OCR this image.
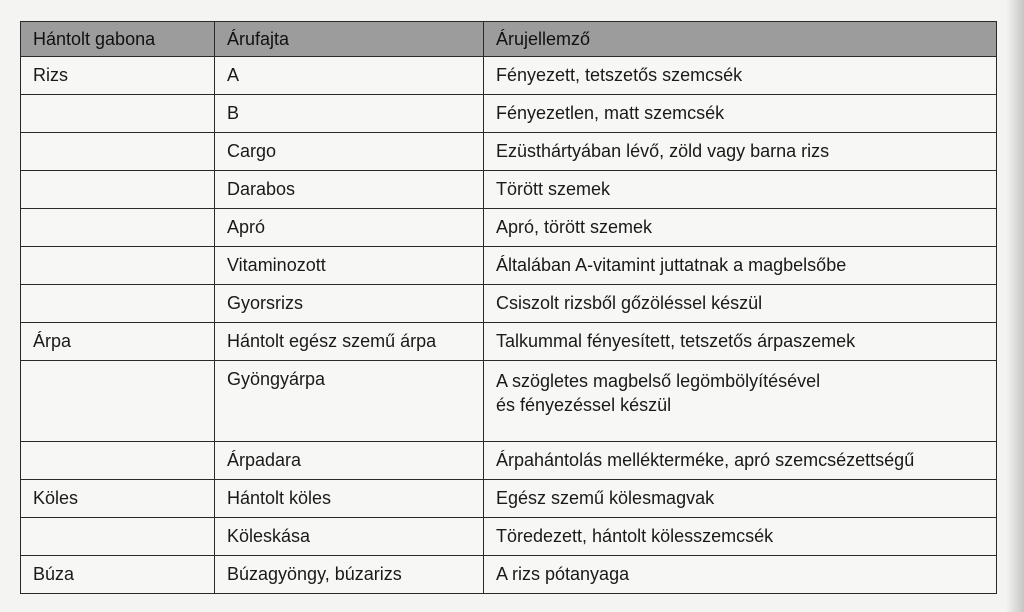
Hántolt gabona	Árufajta	Árujellemző
Rizs	A	Fényezett, tetszetős szemcsék
	B	Fényezetlen, matt szemcsék
	Cargo	Ezüsthártyában lévő, zöld vagy barna rizs
	Darabos	Törött szemek
	Apró	Apró, törött szemek
	Vitaminozott	Általában A-vitamint juttatnak a magbelsőbe
	Gyorsrizs	Csiszolt rizsből gőzöléssel készül
Árpa	Hántolt egész szemű árpa	Talkummal fényesített, tetszetős árpaszemek
	Gyöngyárpa	A szögletes magbelső legömbölyítésével
és fényezéssel készül

	Árpadara	Árpahántolás mellékterméke, apró szemcsézettségű
Köles	Hántolt köles	Egész szemű kölesmagvak
	Köleskása	Töredezett, hántolt kölesszemcsék
Búza	Búzagyöngy, búzarizs	A rizs pótanyaga
